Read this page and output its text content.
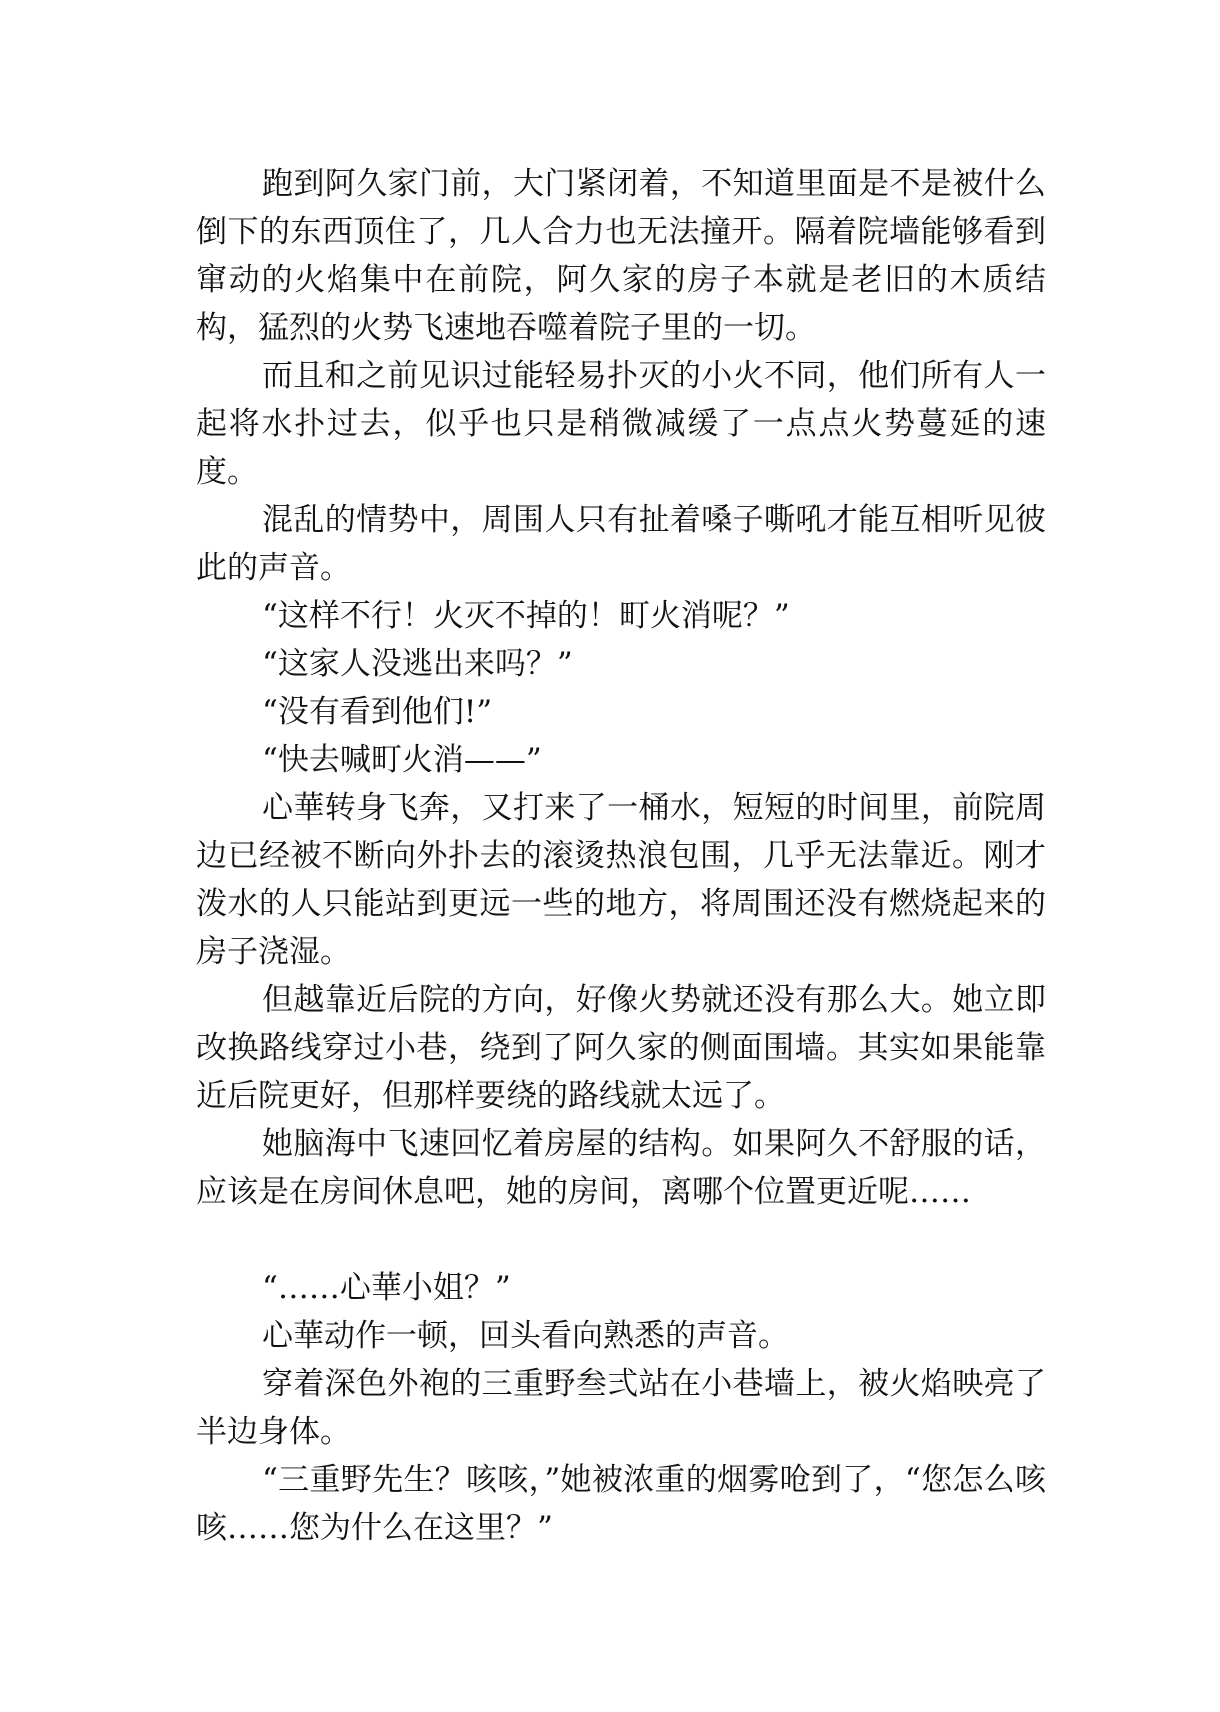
跑到阿久家门前，大门紧闭着，不知道里面是不是被什么倒下的东西顶住了，几人合力也无法撞开。隔着院墙能够看到窜动的火焰集中在前院，阿久家的房子本就是老旧的木质结构，猛烈的火势飞速地吞噬着院子里的一切。

而且和之前见识过能轻易扑灭的小火不同，他们所有人一起将水扑过去，似乎也只是稍微减缓了一点点火势蔓延的速度。

混乱的情势中，周围人只有扯着嗓子嘶吼才能互相听见彼此的声音。

“这样不行！火灭不掉的！町火消呢？”

“这家人没逃出来吗？”

“没有看到他们!”

“快去喊町火消——”

心華转身飞奔，又打来了一桶水，短短的时间里，前院周边已经被不断向外扑去的滚烫热浪包围，几乎无法靠近。刚才泼水的人只能站到更远一些的地方，将周围还没有燃烧起来的房子浇湿。

但越靠近后院的方向，好像火势就还没有那么大。她立即改换路线穿过小巷，绕到了阿久家的侧面围墙。其实如果能靠近后院更好，但那样要绕的路线就太远了。

她脑海中飞速回忆着房屋的结构。如果阿久不舒服的话，应该是在房间休息吧，她的房间，离哪个位置更近呢……

“……心華小姐？”

心華动作一顿，回头看向熟悉的声音。

穿着深色外袍的三重野叁弍站在小巷墙上，被火焰映亮了半边身体。

“三重野先生？咳咳，”她被浓重的烟雾呛到了，“您怎么咳咳……您为什么在这里？”
